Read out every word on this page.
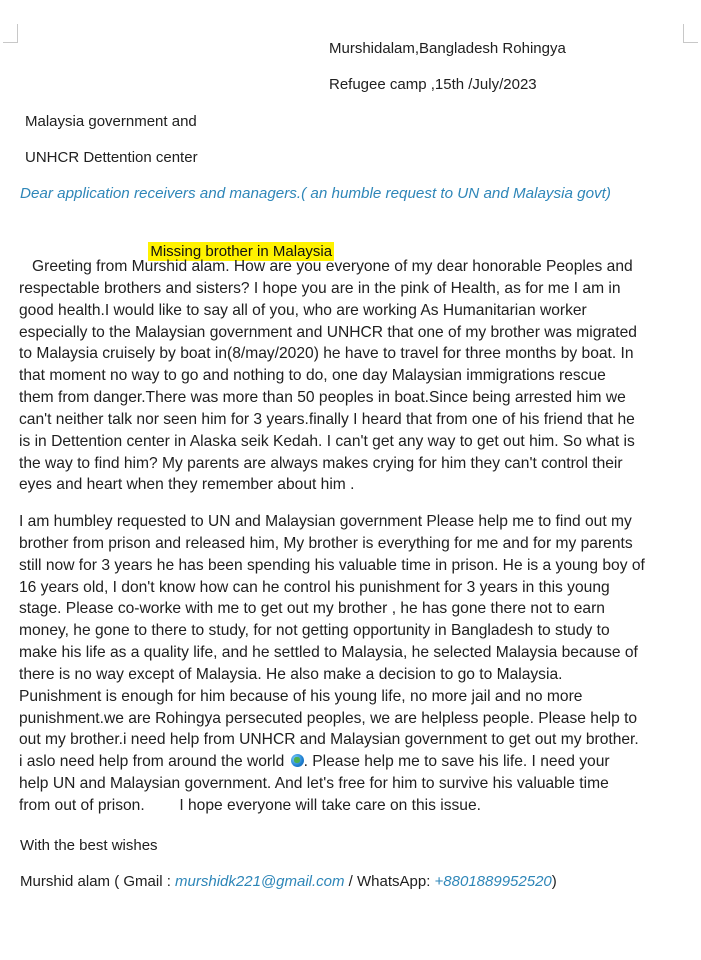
Murshidalam,Bangladesh Rohingya
Refugee camp ,15th /July/2023
Malaysia government and
UNHCR Dettention center
Dear application receivers and managers.( an humble request to UN and Malaysia govt)

Missing brother in Malaysia

Greeting from Murshid alam. How are you everyone of my dear honorable Peoples and

respectable brothers and sisters? I hope you are in the pink of Health, as for me I am in

good health.I would like to say all of you, who are working As Humanitarian worker

especially to the Malaysian government and UNHCR that one of my brother was migrated

to Malaysia cruisely by boat in(8/may/2020) he have to travel for three months by boat. In

that moment no way to go and nothing to do, one day Malaysian immigrations rescue

them from danger.There was more than 50 peoples in boat.Since being arrested him we

can't neither talk nor seen him for 3 years.finally I heard that from one of his friend that he

is in Dettention center in Alaska seik Kedah. I can't get any way to get out him. So what is

the way to find him? My parents are always makes crying for him they can't control their

eyes and heart when they remember about him .

I am humbley requested to UN and Malaysian government Please help me to find out my

brother from prison and released him, My brother is everything for me and for my parents

still now for 3 years he has been spending his valuable time in prison. He is a young boy of

16 years old, I don't know how can he control his punishment for 3 years in this young

stage. Please co-worke with me to get out my brother , he has gone there not to earn

money, he gone to there to study, for not getting opportunity in Bangladesh to study to

make his life as a quality life, and he settled to Malaysia, he selected Malaysia because of

there is no way except of Malaysia. He also make a decision to go to Malaysia.

Punishment is enough for him because of his young life, no more jail and no more

punishment.we are Rohingya persecuted peoples, we are helpless people. Please help to

out my brother.i need help from UNHCR and Malaysian government to get out my brother.

i aslo need help from around the world . Please help me to save his life. I need your

help UN and Malaysian government. And let's free for him to survive his valuable time

from out of prison.        I hope everyone will take care on this issue.

With the best wishes
Murshid alam ( Gmail : murshidk221@gmail.com / WhatsApp: +8801889952520)
